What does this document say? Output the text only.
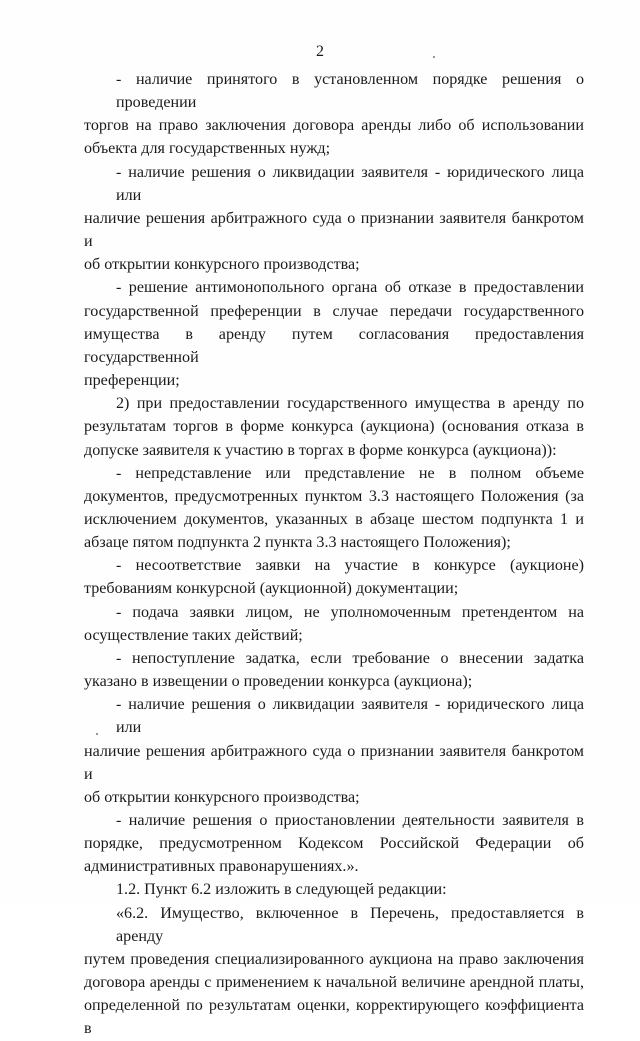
2
- наличие принятого в установленном порядке решения о проведении
торгов на право заключения договора аренды либо об использовании
объекта для государственных нужд;
- наличие решения о ликвидации заявителя - юридического лица или
наличие решения арбитражного суда о признании заявителя банкротом и
об открытии конкурсного производства;
- решение антимонопольного органа об отказе в предоставлении
государственной преференции в случае передачи государственного
имущества в аренду путем согласования предоставления государственной
преференции;
2) при предоставлении государственного имущества в аренду по
результатам торгов в форме конкурса (аукциона) (основания отказа в
допуске заявителя к участию в торгах в форме конкурса (аукциона)):
- непредставление или представление не в полном объеме
документов, предусмотренных пунктом 3.3 настоящего Положения (за
исключением документов, указанных в абзаце шестом подпункта 1 и
абзаце пятом подпункта 2 пункта 3.3 настоящего Положения);
- несоответствие заявки на участие в конкурсе (аукционе)
требованиям конкурсной (аукционной) документации;
- подача заявки лицом, не уполномоченным претендентом на
осуществление таких действий;
- непоступление задатка, если требование о внесении задатка
указано в извещении о проведении конкурса (аукциона);
- наличие решения о ликвидации заявителя - юридического лица или
наличие решения арбитражного суда о признании заявителя банкротом и
об открытии конкурсного производства;
- наличие решения о приостановлении деятельности заявителя в
порядке, предусмотренном Кодексом Российской Федерации об
административных правонарушениях.».
1.2. Пункт 6.2 изложить в следующей редакции:
«6.2. Имущество, включенное в Перечень, предоставляется в аренду
путем проведения специализированного аукциона на право заключения
договора аренды с применением к начальной величине арендной платы,
определенной по результатам оценки, корректирующего коэффициента в
